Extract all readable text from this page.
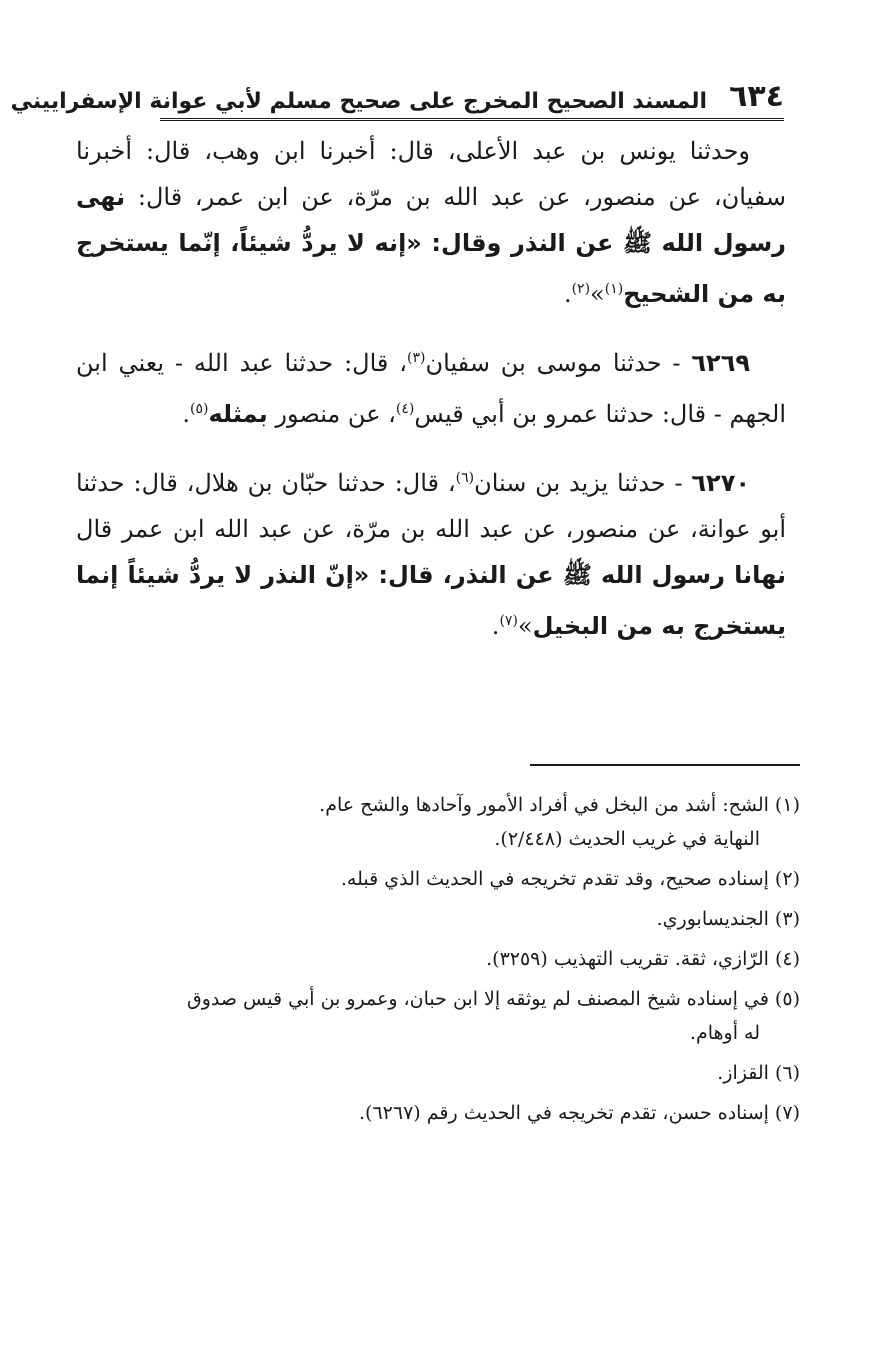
٦٣٤
المسند الصحيح المخرج على صحيح مسلم لأبي عوانة الإسفراييني

وحدثنا يونس بن عبد الأعلى، قال: أخبرنا ابن وهب، قال: أخبرنا سفيان، عن منصور، عن عبد الله بن مرّة، عن ابن عمر، قال: نهى رسول الله ﷺ عن النذر وقال: «إنه لا يردُّ شيئاً، إنّما يستخرج به من الشحيح$^{(١)}$»$^{(٢)}$.

٦٢٦٩ - حدثنا موسى بن سفيان$^{(٣)}$، قال: حدثنا عبد الله - يعني ابن الجهم - قال: حدثنا عمرو بن أبي قيس$^{(٤)}$، عن منصور بمثله$^{(٥)}$.

٦٢٧٠ - حدثنا يزيد بن سنان$^{(٦)}$، قال: حدثنا حبّان بن هلال، قال: حدثنا أبو عوانة، عن منصور، عن عبد الله بن مرّة، عن عبد الله ابن عمر قال نهانا رسول الله ﷺ عن النذر، قال: «إنّ النذر لا يردُّ شيئاً إنما يستخرج به من البخيل»$^{(٧)}$.

(١) الشح: أشد من البخل في أفراد الأمور وآحادها والشح عام.
النهاية في غريب الحديث (٢/٤٤٨).
(٢) إسناده صحيح، وقد تقدم تخريجه في الحديث الذي قبله.
(٣) الجنديسابوري.
(٤) الرّازي، ثقة. تقريب التهذيب (٣٢٥٩).
(٥) في إسناده شيخ المصنف لم يوثقه إلا ابن حبان، وعمرو بن أبي قيس صدوق
له أوهام.
(٦) القزاز.
(٧) إسناده حسن، تقدم تخريجه في الحديث رقم (٦٢٦٧).
